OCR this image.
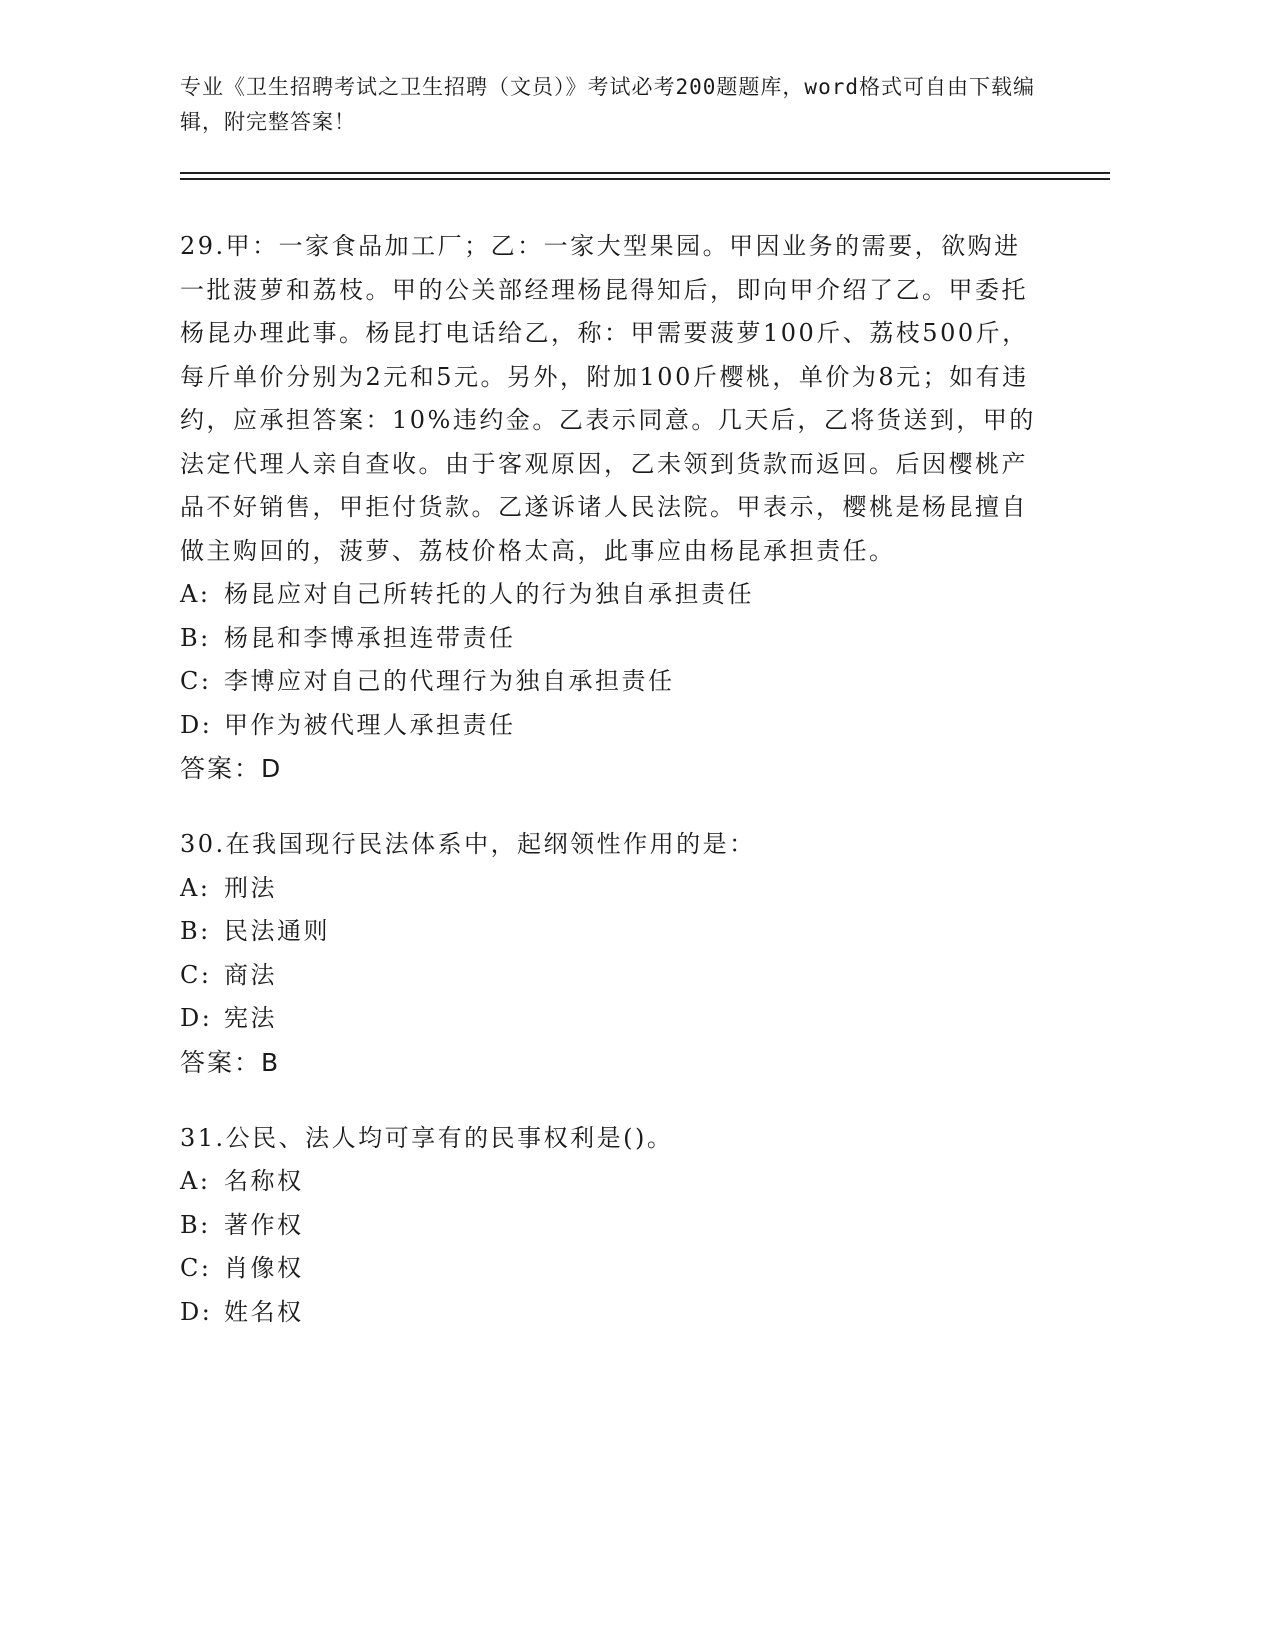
专业《卫生招聘考试之卫生招聘（文员）》考试必考200题题库，word格式可自由下载编辑，附完整答案！
29.甲：一家食品加工厂；乙：一家大型果园。甲因业务的需要，欲购进一批菠萝和荔枝。甲的公关部经理杨昆得知后，即向甲介绍了乙。甲委托杨昆办理此事。杨昆打电话给乙，称：甲需要菠萝100斤、荔枝500斤，每斤单价分别为2元和5元。另外，附加100斤樱桃，单价为8元；如有违约，应承担答案：10%违约金。乙表示同意。几天后，乙将货送到，甲的法定代理人亲自查收。由于客观原因，乙未领到货款而返回。后因樱桃产品不好销售，甲拒付货款。乙遂诉诸人民法院。甲表示，樱桃是杨昆擅自做主购回的，菠萝、荔枝价格太高，此事应由杨昆承担责任。
A: 杨昆应对自己所转托的人的行为独自承担责任
B: 杨昆和李博承担连带责任
C: 李博应对自己的代理行为独自承担责任
D: 甲作为被代理人承担责任
答案：D
30.在我国现行民法体系中，起纲领性作用的是：
A: 刑法
B: 民法通则
C: 商法
D: 宪法
答案：B
31.公民、法人均可享有的民事权利是()。
A: 名称权
B: 著作权
C: 肖像权
D: 姓名权
